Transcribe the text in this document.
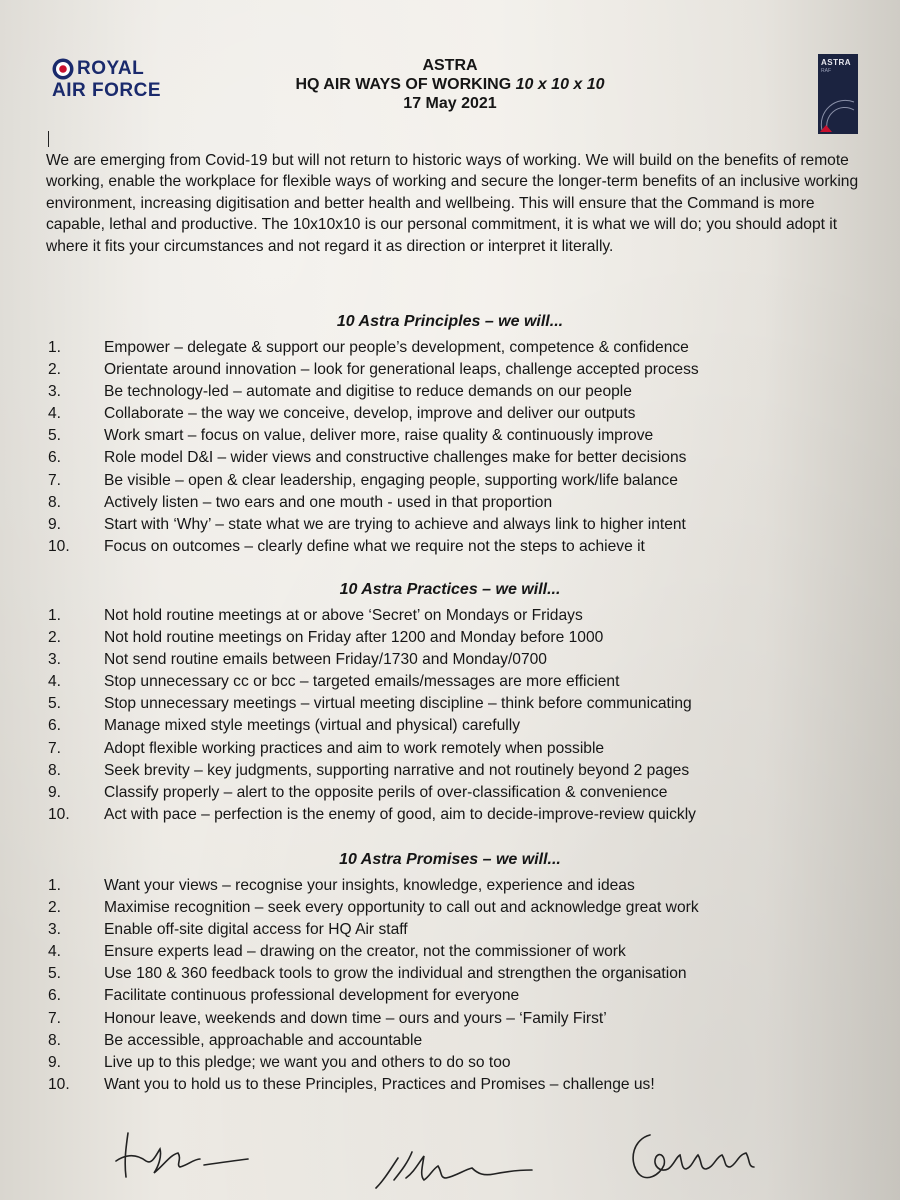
ROYAL
AIR FORCE
ASTRA
HQ AIR WAYS OF WORKING 10 x 10 x 10
17 May 2021
ASTRA
RAF

We are emerging from Covid-19 but will not return to historic ways of working. We will build on the benefits of remote working, enable the workplace for flexible ways of working and secure the longer-term benefits of an inclusive working environment, increasing digitisation and better health and wellbeing. This will ensure that the Command is more capable, lethal and productive. The 10x10x10 is our personal commitment, it is what we will do; you should adopt it where it fits your circumstances and not regard it as direction or interpret it literally.

10 Astra Principles – we will...
1.	Empower – delegate & support our people’s development, competence & confidence
2.	Orientate around innovation – look for generational leaps, challenge accepted process
3.	Be technology-led – automate and digitise to reduce demands on our people
4.	Collaborate – the way we conceive, develop, improve and deliver our outputs
5.	Work smart – focus on value, deliver more, raise quality & continuously improve
6.	Role model D&I – wider views and constructive challenges make for better decisions
7.	Be visible – open & clear leadership, engaging people, supporting work/life balance
8.	Actively listen – two ears and one mouth - used in that proportion
9.	Start with ‘Why’ – state what we are trying to achieve and always link to higher intent
10. Focus on outcomes – clearly define what we require not the steps to achieve it
10 Astra Practices – we will...
1.	Not hold routine meetings at or above ‘Secret’ on Mondays or Fridays
2.	Not hold routine meetings on Friday after 1200 and Monday before 1000
3.	Not send routine emails between Friday/1730 and Monday/0700
4.	Stop unnecessary cc or bcc – targeted emails/messages are more efficient
5.	Stop unnecessary meetings – virtual meeting discipline – think before communicating
6.	Manage mixed style meetings (virtual and physical) carefully
7.	Adopt flexible working practices and aim to work remotely when possible
8.	Seek brevity – key judgments, supporting narrative and not routinely beyond 2 pages
9.	Classify properly – alert to the opposite perils of over-classification & convenience
10. Act with pace – perfection is the enemy of good, aim to decide-improve-review quickly
10 Astra Promises – we will...
1.	Want your views – recognise your insights, knowledge, experience and ideas
2.	Maximise recognition – seek every opportunity to call out and acknowledge great work
3.	Enable off-site digital access for HQ Air staff
4.	Ensure experts lead – drawing on the creator, not the commissioner of work
5.	Use 180 & 360 feedback tools to grow the individual and strengthen the organisation
6.	Facilitate continuous professional development for everyone
7.	Honour leave, weekends and down time – ours and yours – ‘Family First’
8.	Be accessible, approachable and accountable
9.	Live up to this pledge; we want you and others to do so too
10. Want you to hold us to these Principles, Practices and Promises – challenge us!
